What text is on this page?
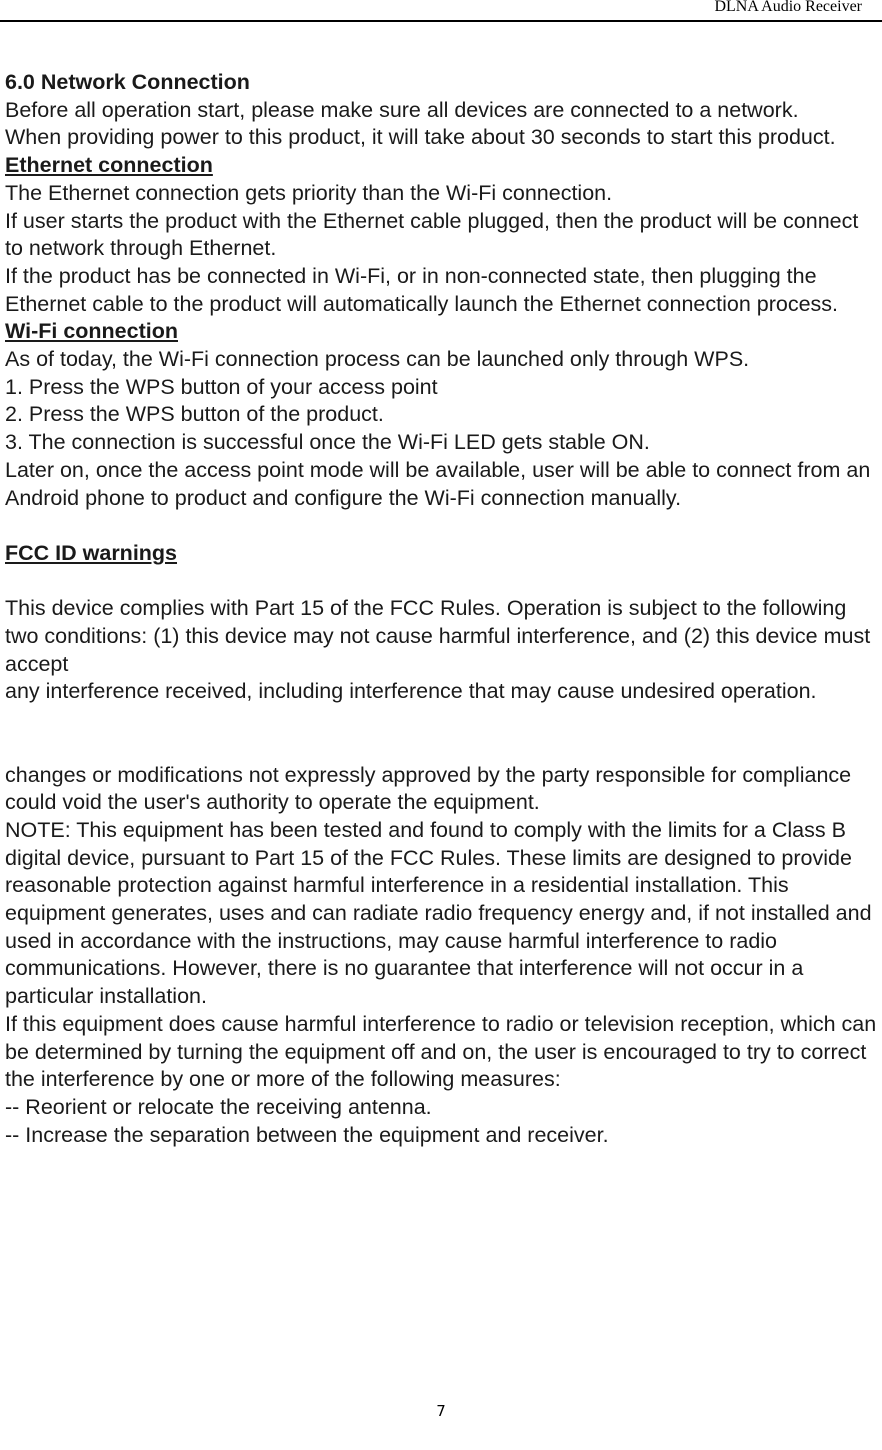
DLNA Audio Receiver

6.0 Network Connection

Before all operation start, please make sure all devices are connected to a network.

When providing power to this product, it will take about 30 seconds to start this product.

Ethernet connection

The Ethernet connection gets priority than the Wi-Fi connection.

If user starts the product with the Ethernet cable plugged, then the product will be connect to network through Ethernet.

If the product has be connected in Wi-Fi, or in non-connected state, then plugging the Ethernet cable to the product will automatically launch the Ethernet connection process.

Wi-Fi connection

As of today, the Wi-Fi connection process can be launched only through WPS.

1. Press the WPS button of your access point

2. Press the WPS button of the product.

3. The connection is successful once the Wi-Fi LED gets stable ON.

Later on, once the access point mode will be available, user will be able to connect from an Android phone to product and configure the Wi-Fi connection manually.

FCC ID warnings

This device complies with Part 15 of the FCC Rules. Operation is subject to the following two conditions: (1) this device may not cause harmful interference, and (2) this device must accept

any interference received, including interference that may cause undesired operation.

changes or modifications not expressly approved by the party responsible for compliance

could void the user's authority to operate the equipment.

NOTE: This equipment has been tested and found to comply with the limits for a Class B digital device, pursuant to Part 15 of the FCC Rules. These limits are designed to provide reasonable protection against harmful interference in a residential installation. This equipment generates, uses and can radiate radio frequency energy and, if not installed and used in accordance with the instructions, may cause harmful interference to radio communications. However, there is no guarantee that interference will not occur in a particular installation.

If this equipment does cause harmful interference to radio or television reception, which can be determined by turning the equipment off and on, the user is encouraged to try to correct the interference by one or more of the following measures:

-- Reorient or relocate the receiving antenna.

-- Increase the separation between the equipment and receiver.

7
